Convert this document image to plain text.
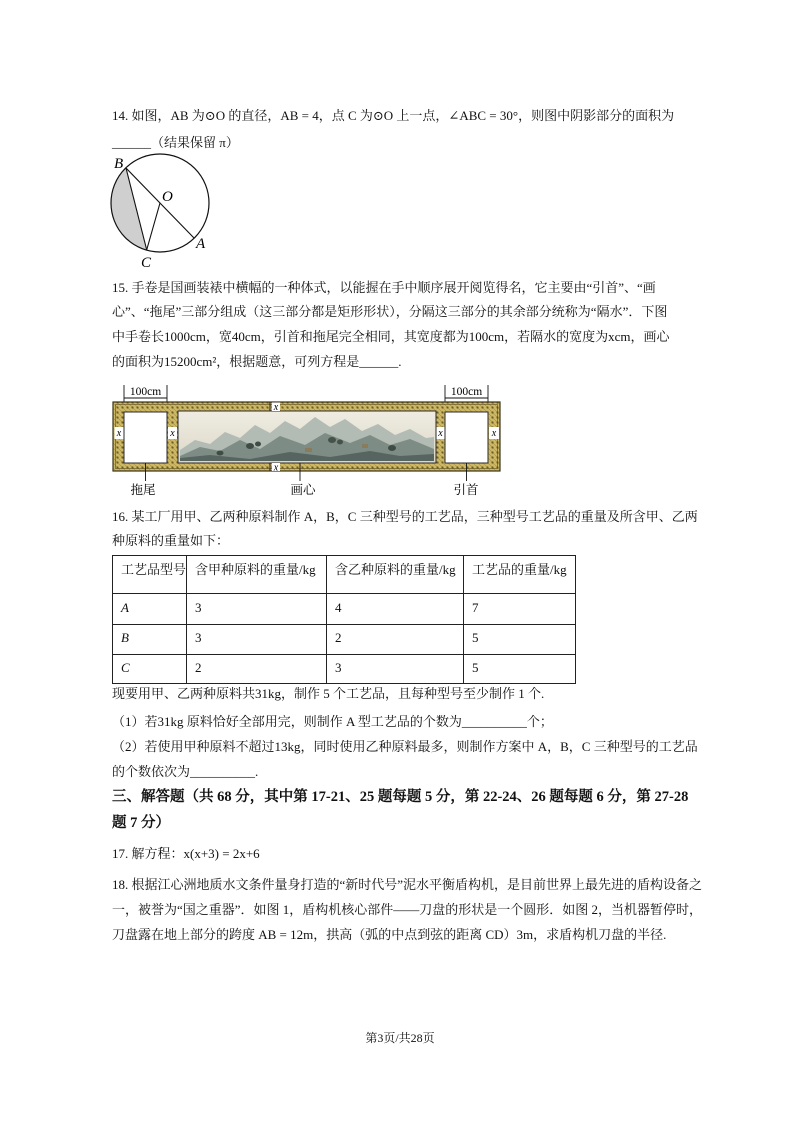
14. 如图，AB 为⊙O 的直径，AB = 4，点 C 为⊙O 上一点，∠ABC = 30°，则图中阴影部分的面积为
______（结果保留 π）
B
O
A
C
15. 手卷是国画装裱中横幅的一种体式，以能握在手中顺序展开阅览得名，它主要由“引首”、“画
心”、“拖尾”三部分组成（这三部分都是矩形形状），分隔这三部分的其余部分统称为“隔水”．下图
中手卷长1000cm，宽40cm，引首和拖尾完全相同，其宽度都为100cm，若隔水的宽度为xcm，画心
的面积为15200cm²，根据题意，可列方程是______.
100cm	100cm
x	x	x	x
x
x
拖尾	画心	引首
16. 某工厂用甲、乙两种原料制作 A，B，C 三种型号的工艺品，三种型号工艺品的重量及所含甲、乙两
种原料的重量如下：
工艺品型号	含甲种原料的重量/kg	含乙种原料的重量/kg	工艺品的重量/kg
A	3	4	7
B	3	2	5
C	2	3	5
现要用甲、乙两种原料共31kg，制作 5 个工艺品，且每种型号至少制作 1 个.
（1）若31kg 原料恰好全部用完，则制作 A 型工艺品的个数为__________个；
（2）若使用甲种原料不超过13kg，同时使用乙种原料最多，则制作方案中 A，B，C 三种型号的工艺品
的个数依次为__________.
三、解答题（共 68 分，其中第 17-21、25 题每题 5 分，第 22-24、26 题每题 6 分，第 27-28
题 7 分）
17. 解方程：x(x+3) = 2x+6
18. 根据江心洲地质水文条件量身打造的“新时代号”泥水平衡盾构机，是目前世界上最先进的盾构设备之
一，被誉为“国之重器”．如图 1，盾构机核心部件——刀盘的形状是一个圆形．如图 2，当机器暂停时，
刀盘露在地上部分的跨度 AB = 12m，拱高（弧的中点到弦的距离 CD）3m，求盾构机刀盘的半径.
第3页/共28页
